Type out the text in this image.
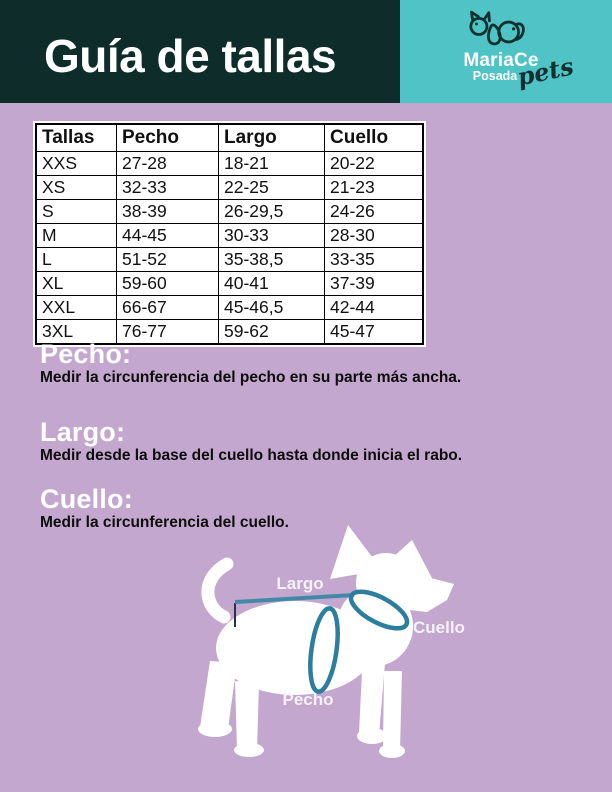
Guía de tallas	MariaCe
Posada
pets
Tallas	Pecho	Largo	Cuello
XXS	27-28	18-21	20-22
XS	32-33	22-25	21-23
S	38-39	26-29,5	24-26
M	44-45	30-33	28-30
L	51-52	35-38,5	33-35
XL	59-60	40-41	37-39
XXL	66-67	45-46,5	42-44
3XL	76-77	59-62	45-47
Pecho:

Medir la circunferencia del pecho en su parte más ancha.

Largo:

Medir desde la base del cuello hasta donde inicia el rabo.

Cuello:

Medir la circunferencia del cuello.

Largo
Cuello
Pecho
